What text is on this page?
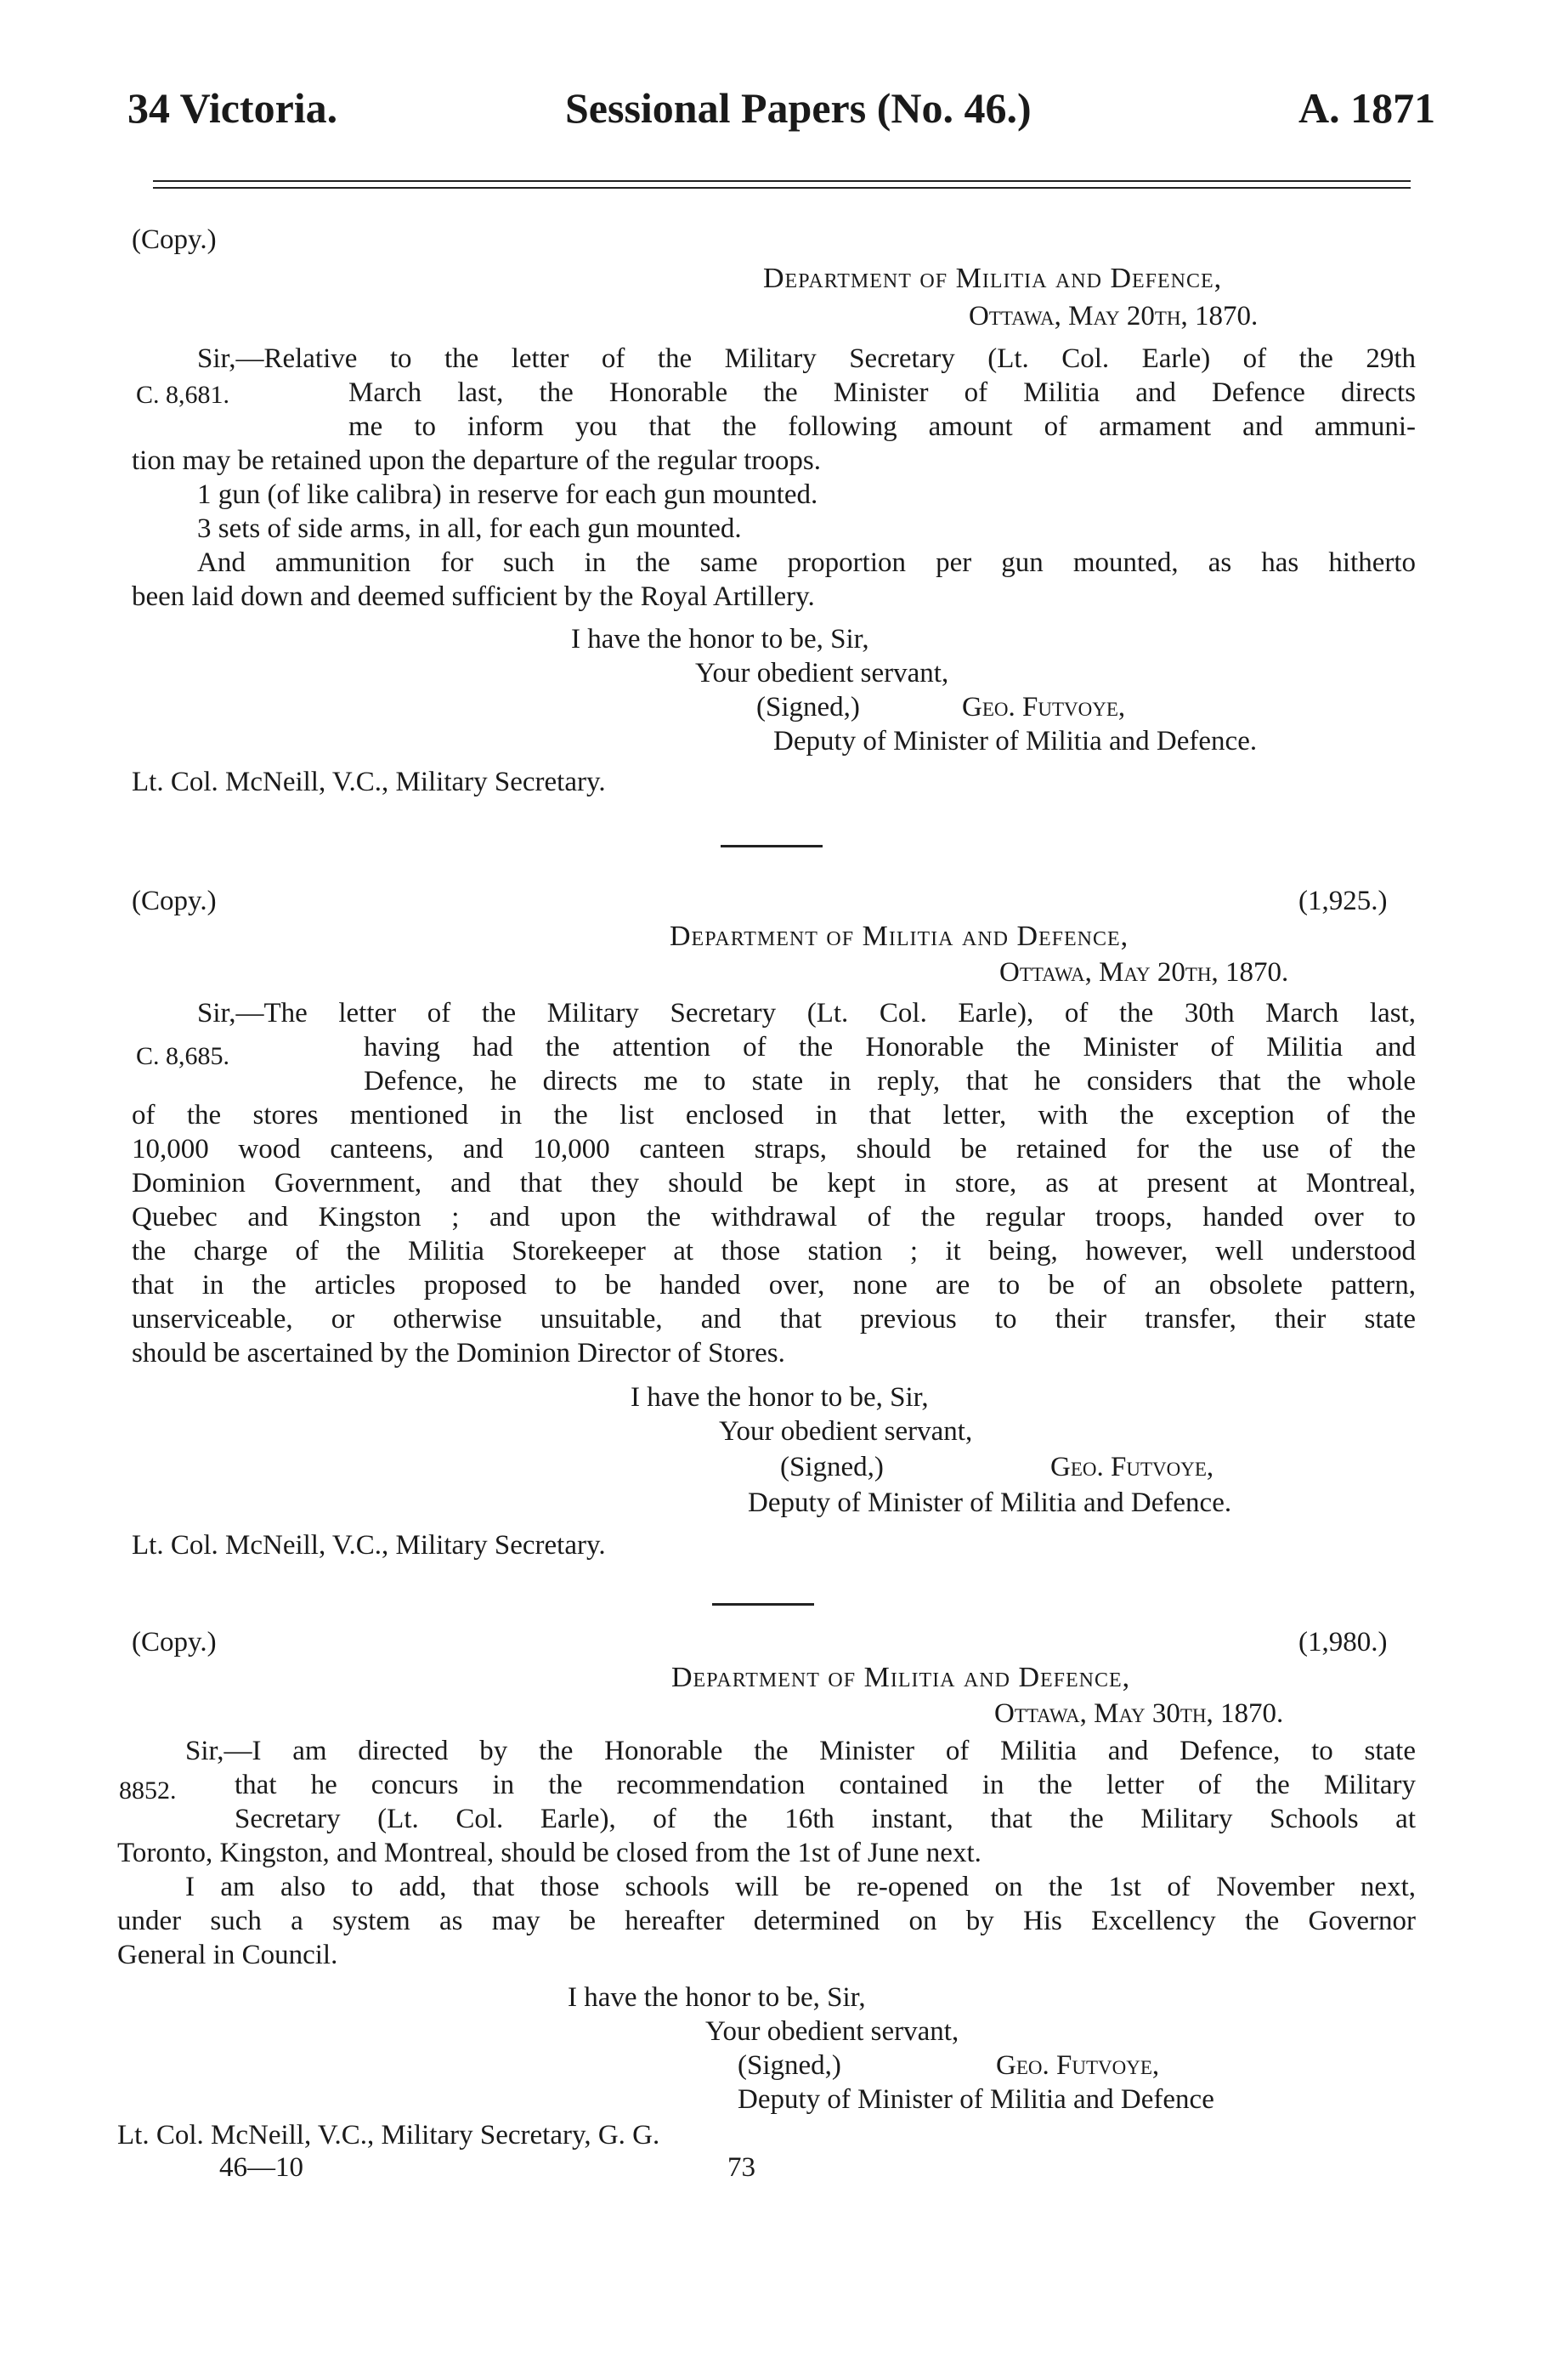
34 Victoria.	Sessional Papers (No. 46.)	A. 1871
(Copy.)
Department of Militia and Defence,
Ottawa, May 20th, 1870.
C. 8,681.
Sir,—Relative to the letter of the Military Secretary (Lt. Col. Earle) of the 29th
March last, the Honorable the Minister of Militia and Defence directs
me to inform you that the following amount of armament and ammuni-
tion may be retained upon the departure of the regular troops.
1 gun (of like calibra) in reserve for each gun mounted.
3 sets of side arms, in all, for each gun mounted.
And ammunition for such in the same proportion per gun mounted, as has hitherto
been laid down and deemed sufficient by the Royal Artillery.
I have the honor to be, Sir,
Your obedient servant,
(Signed,)	Geo. Futvoye,
Deputy of Minister of Militia and Defence.
Lt. Col. McNeill, V.C., Military Secretary.
(Copy.)	(1,925.)
Department of Militia and Defence,
Ottawa, May 20th, 1870.
C. 8,685.
Sir,—The letter of the Military Secretary (Lt. Col. Earle), of the 30th March last,
having had the attention of the Honorable the Minister of Militia and
Defence, he directs me to state in reply, that he considers that the whole
of the stores mentioned in the list enclosed in that letter, with the exception of the
10,000 wood canteens, and 10,000 canteen straps, should be retained for the use of the
Dominion Government, and that they should be kept in store, as at present at Montreal,
Quebec and Kingston ; and upon the withdrawal of the regular troops, handed over to
the charge of the Militia Storekeeper at those station ; it being, however, well understood
that in the articles proposed to be handed over, none are to be of an obsolete pattern,
unserviceable, or otherwise unsuitable, and that previous to their transfer, their state
should be ascertained by the Dominion Director of Stores.
I have the honor to be, Sir,
Your obedient servant,
(Signed,)	Geo. Futvoye,
Deputy of Minister of Militia and Defence.
Lt. Col. McNeill, V.C., Military Secretary.
(Copy.)	(1,980.)
Department of Militia and Defence,
Ottawa, May 30th, 1870.
8852.
Sir,—I am directed by the Honorable the Minister of Militia and Defence, to state
that he concurs in the recommendation contained in the letter of the Military
Secretary (Lt. Col. Earle), of the 16th instant, that the Military Schools at
Toronto, Kingston, and Montreal, should be closed from the 1st of June next.
I am also to add, that those schools will be re-opened on the 1st of November next,
under such a system as may be hereafter determined on by His Excellency the Governor
General in Council.
I have the honor to be, Sir,
Your obedient servant,
(Signed,)	Geo. Futvoye,
Deputy of Minister of Militia and Defence
Lt. Col. McNeill, V.C., Military Secretary, G. G.
46—10	73
